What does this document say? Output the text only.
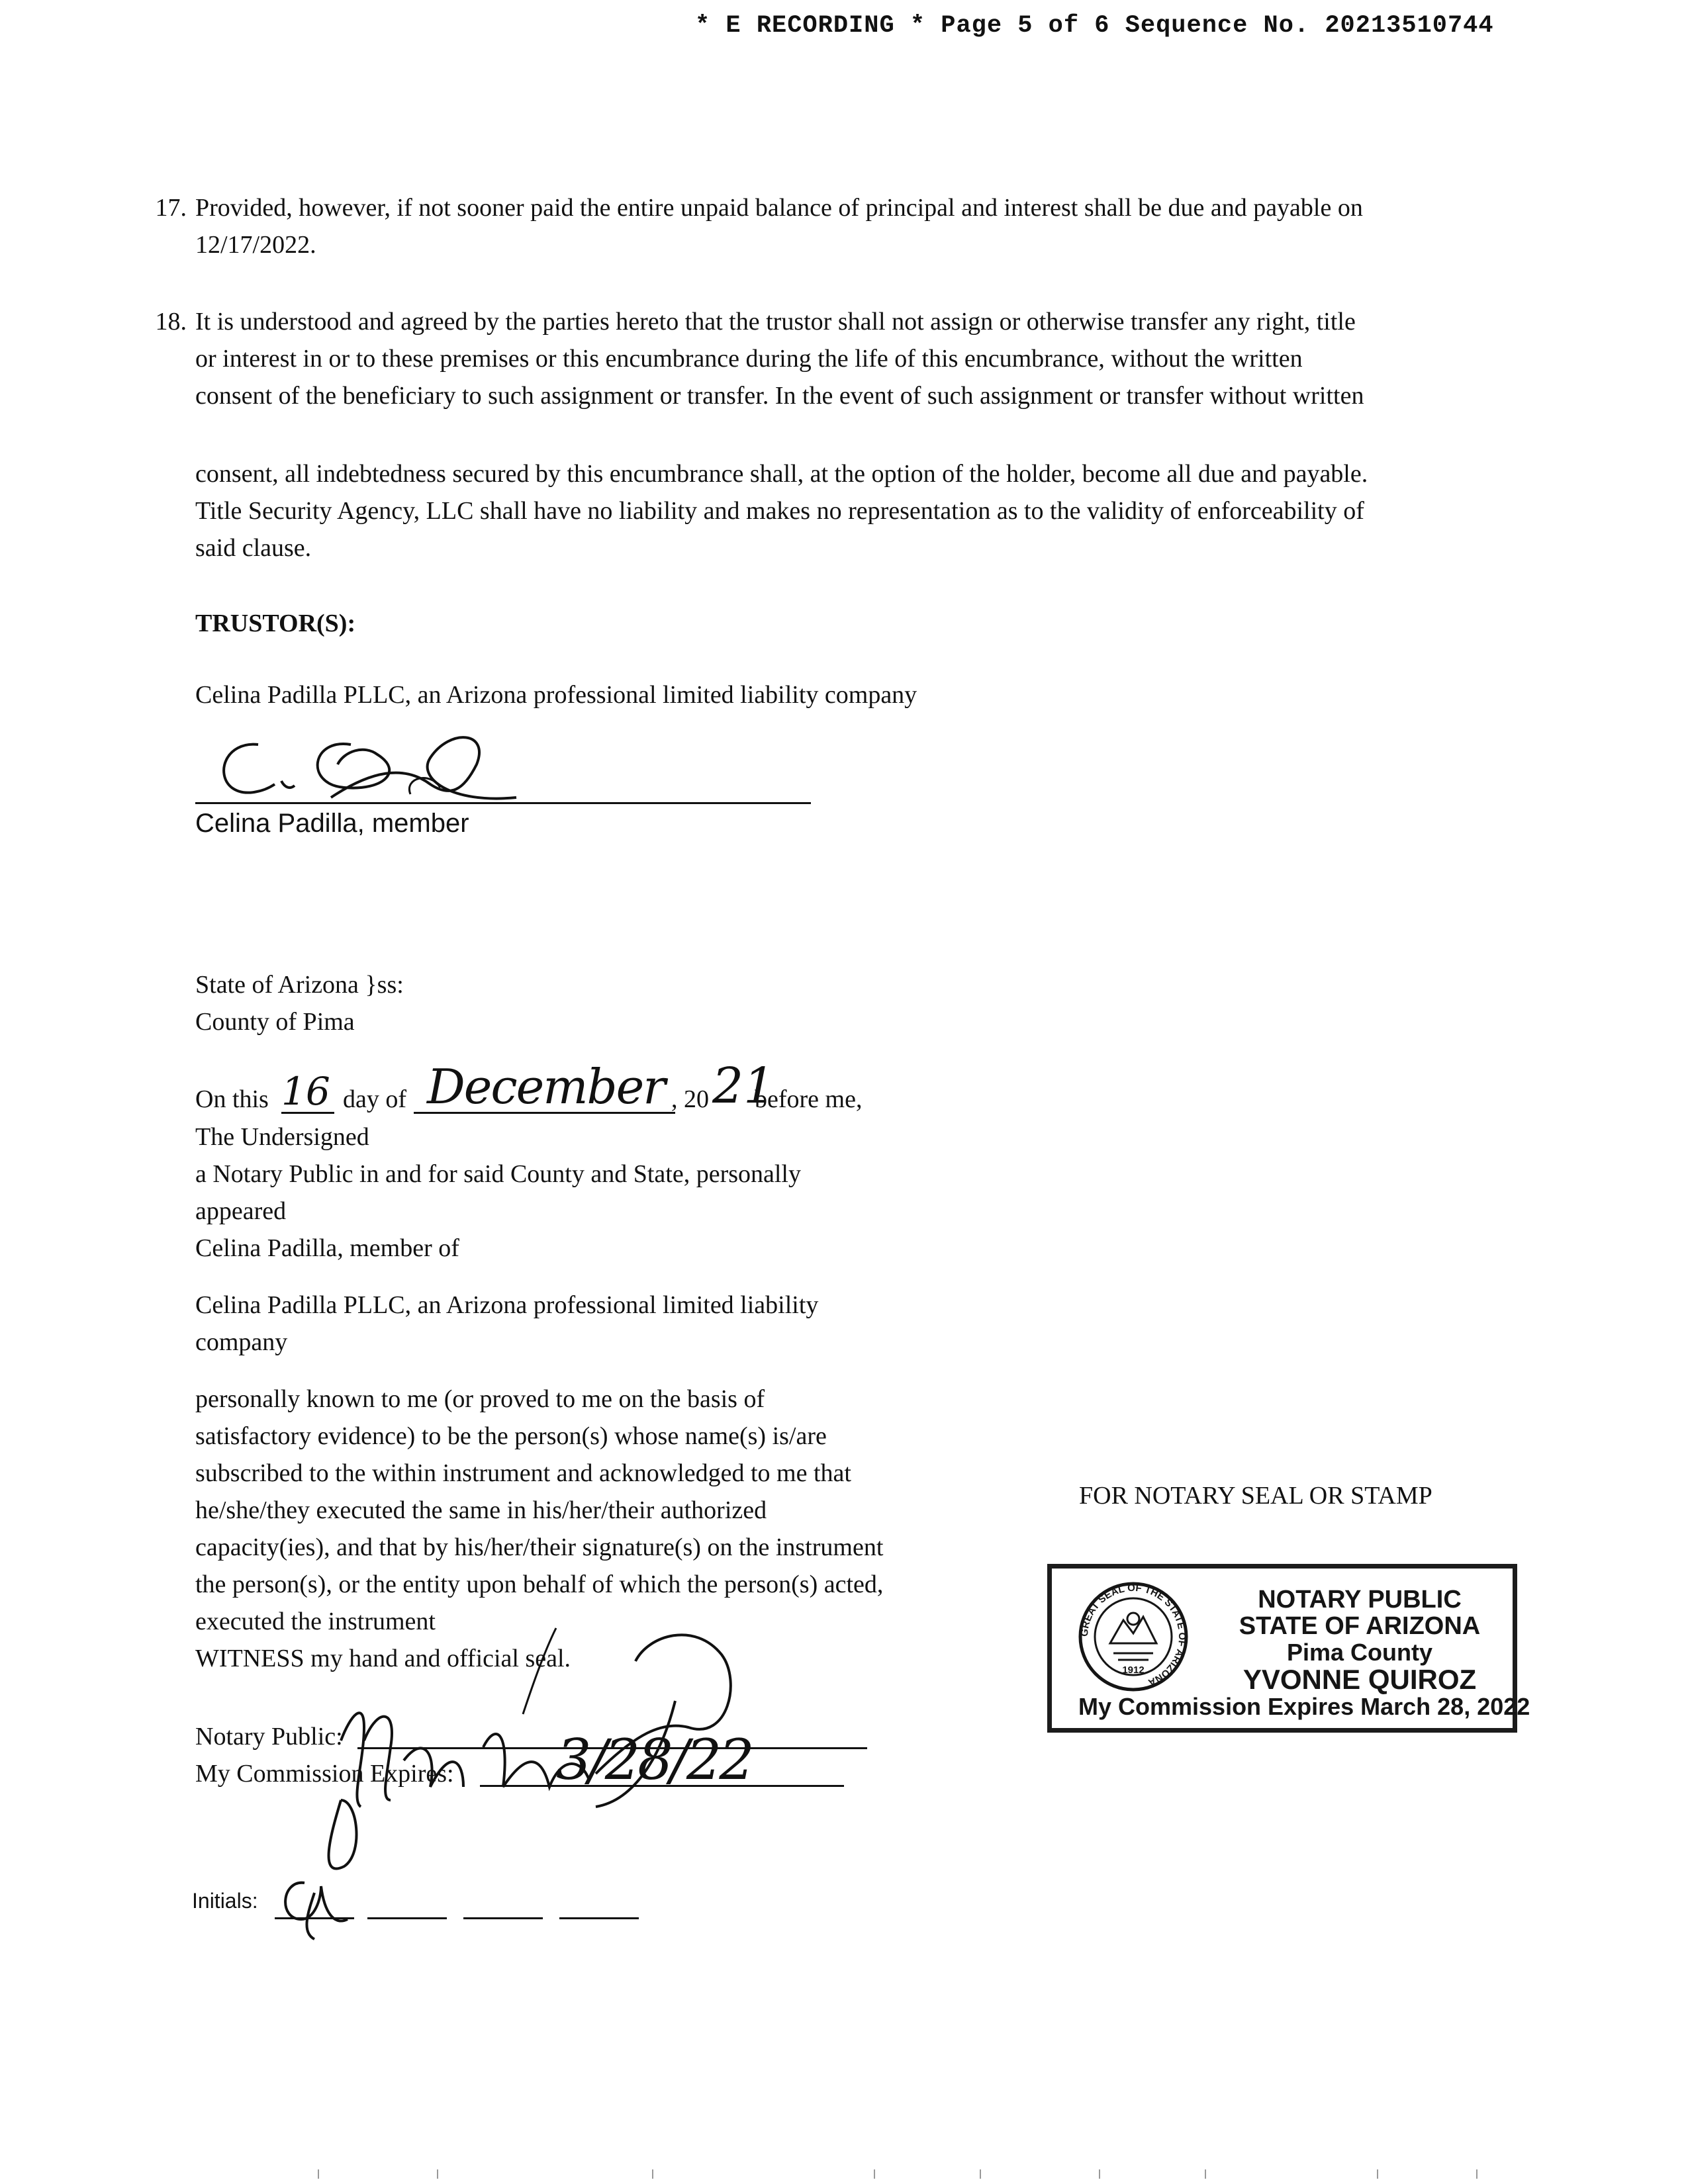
* E RECORDING * Page 5 of 6 Sequence No. 20213510744
17. Provided, however, if not sooner paid the entire unpaid balance of principal and interest shall be due and payable on
12/17/2022.
18. It is understood and agreed by the parties hereto that the trustor shall not assign or otherwise transfer any right, title
or interest in or to these premises or this encumbrance during the life of this encumbrance, without the written
consent of the beneficiary to such assignment or transfer. In the event of such assignment or transfer without written
consent, all indebtedness secured by this encumbrance shall, at the option of the holder, become all due and payable.
Title Security Agency, LLC shall have no liability and makes no representation as to the validity of enforceability of
said clause.
TRUSTOR(S):
Celina Padilla PLLC, an Arizona professional limited liability company
Celina Padilla, member
State of Arizona }ss:
County of Pima
On this 16 day of December , 20 21
before me,
The Undersigned
a Notary Public in and for said County and State, personally
appeared
Celina Padilla, member of
Celina Padilla PLLC, an Arizona professional limited liability
company
personally known to me (or proved to me on the basis of
satisfactory evidence) to be the person(s) whose name(s) is/are
subscribed to the within instrument and acknowledged to me that
he/she/they executed the same in his/her/their authorized
capacity(ies), and that by his/her/their signature(s) on the instrument
the person(s), or the entity upon behalf of which the person(s) acted,
executed the instrument
WITNESS my hand and official seal.
Notary Public:
My Commission Expires: 3/28/22
Initials:
FOR NOTARY SEAL OR STAMP
GREAT SEAL OF THE STATE OF ARIZONA
1912
NOTARY PUBLIC
STATE OF ARIZONA
Pima County
YVONNE QUIROZ
My Commission Expires March 28, 2022
